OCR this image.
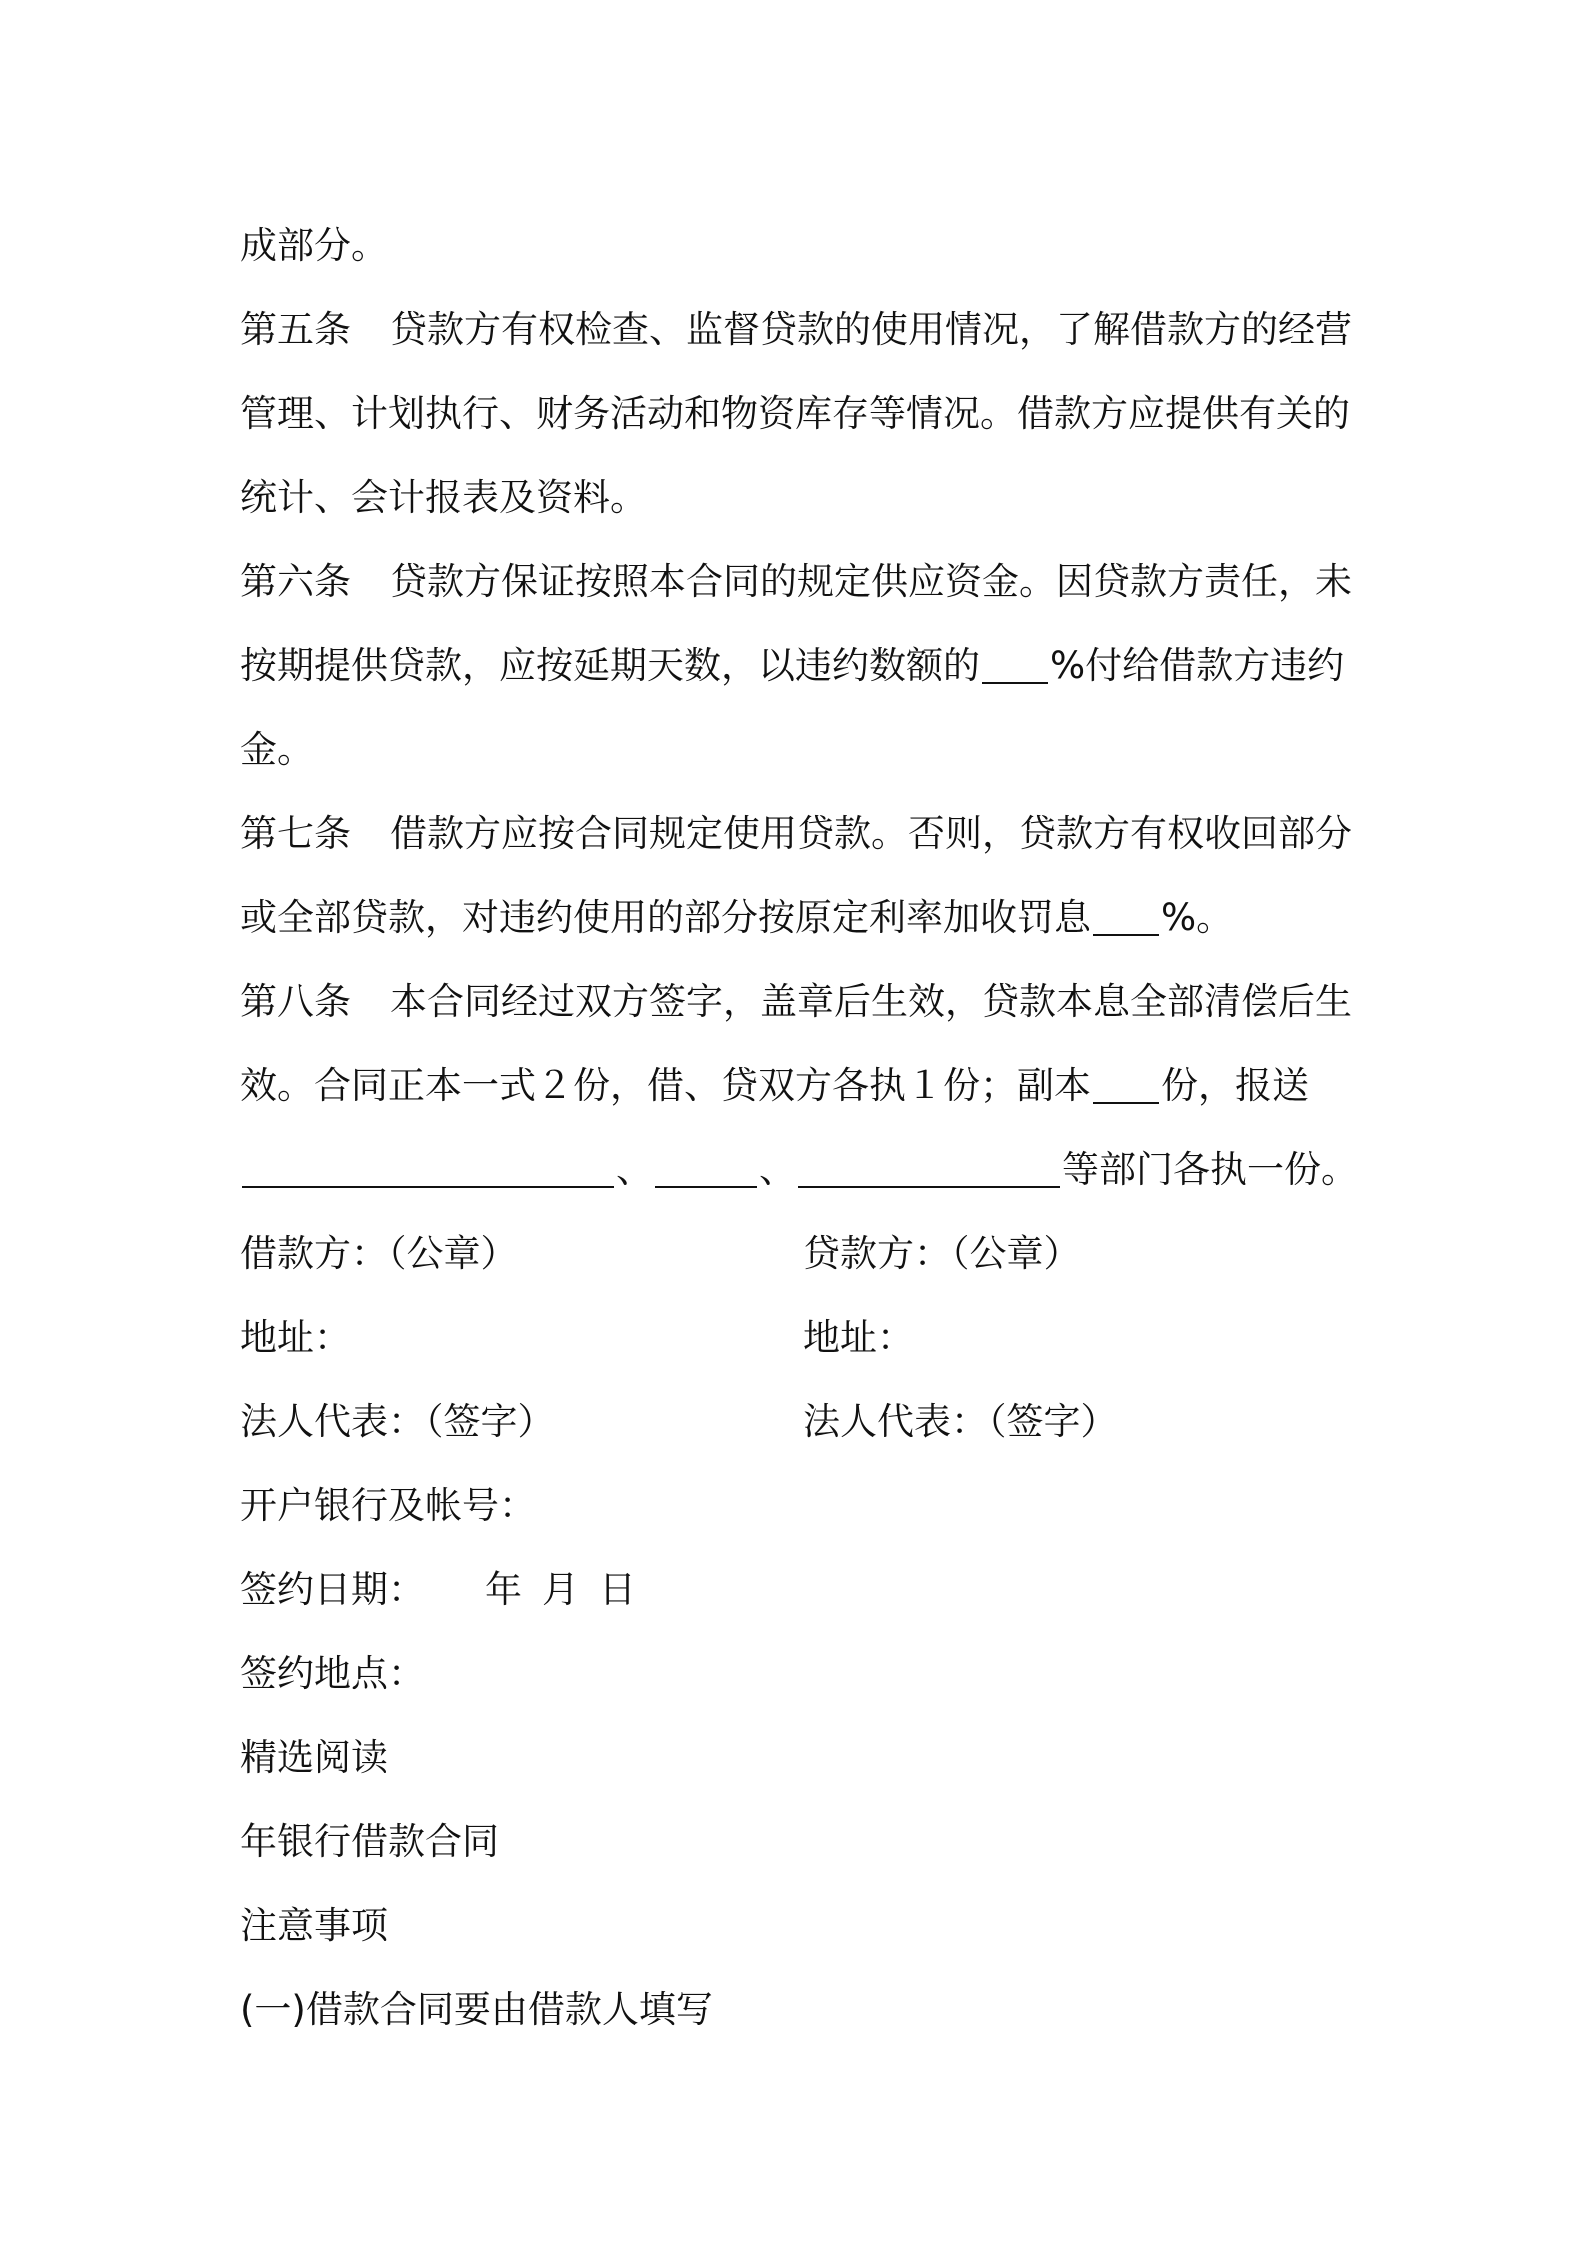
成部分。
第五条 贷款方有权检查、监督贷款的使用情况，了解借款方的经营
管理、计划执行、财务活动和物资库存等情况。借款方应提供有关的
统计、会计报表及资料。
第六条 贷款方保证按照本合同的规定供应资金。因贷款方责任，未
按期提供贷款，应按延期天数，以违约数额的 %付给借款方违约
金。
第七条 借款方应按合同规定使用贷款。否则，贷款方有权收回部分
或全部贷款，对违约使用的部分按原定利率加收罚息 %。
第八条 本合同经过双方签字，盖章后生效，贷款本息全部清偿后生
效。合同正本一式２份，借、贷双方各执１份；副本 份，报送
、	、	等部门各执一份。
借款方：（公章）	贷款方：（公章）
地址：	地址：
法人代表：（签字）	法人代表：（签字）
开户银行及帐号：
签约日期： 年 月 日
签约地点：
精选阅读
年银行借款合同
注意事项
(一)借款合同要由借款人填写
